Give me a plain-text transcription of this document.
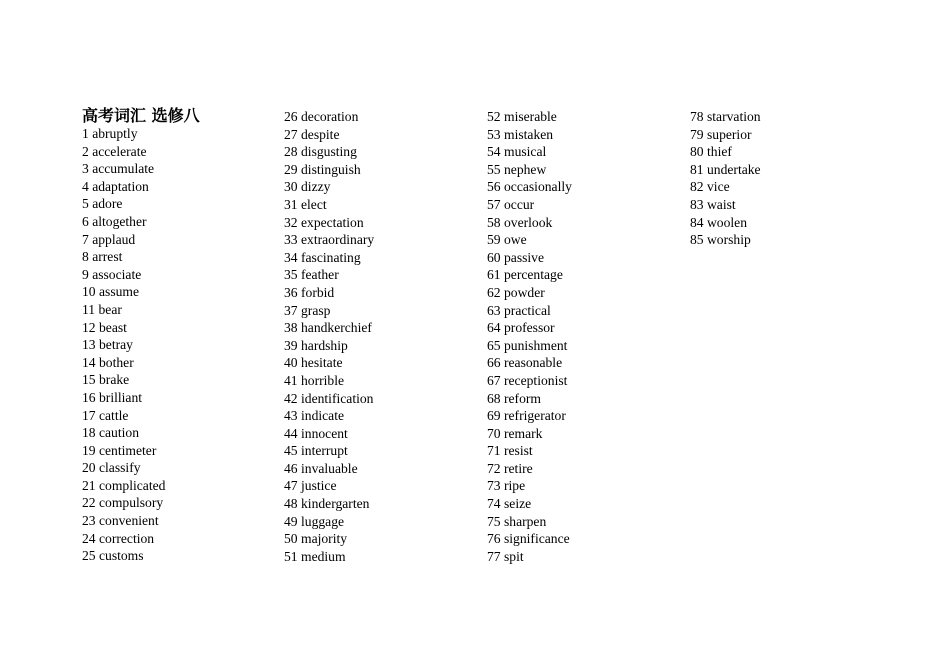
高考词汇 选修八
1 abruptly
2 accelerate
3 accumulate
4 adaptation
5 adore
6 altogether
7 applaud
8 arrest
9 associate
10 assume
11 bear
12 beast
13 betray
14 bother
15 brake
16 brilliant
17 cattle
18 caution
19 centimeter
20 classify
21 complicated
22 compulsory
23 convenient
24 correction
25 customs
26 decoration
27 despite
28 disgusting
29 distinguish
30 dizzy
31 elect
32 expectation
33 extraordinary
34 fascinating
35 feather
36 forbid
37 grasp
38 handkerchief
39 hardship
40 hesitate
41 horrible
42 identification
43 indicate
44 innocent
45 interrupt
46 invaluable
47 justice
48 kindergarten
49 luggage
50 majority
51 medium
52 miserable
53 mistaken
54 musical
55 nephew
56 occasionally
57 occur
58 overlook
59 owe
60 passive
61 percentage
62 powder
63 practical
64 professor
65 punishment
66 reasonable
67 receptionist
68 reform
69 refrigerator
70 remark
71 resist
72 retire
73 ripe
74 seize
75 sharpen
76 significance
77 spit
78 starvation
79 superior
80 thief
81 undertake
82 vice
83 waist
84 woolen
85 worship
